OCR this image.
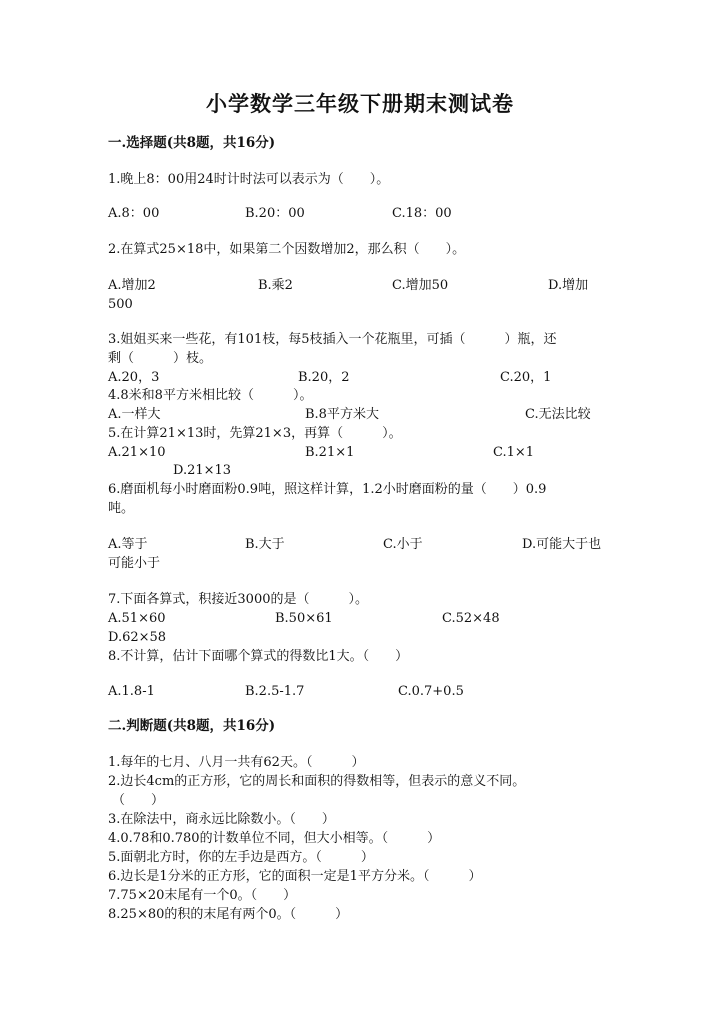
小学数学三年级下册期末测试卷
一.选择题(共8题，共16分)
1.晚上8：00用24时计时法可以表示为（　　）。
A.8：00	B.20：00	C.18：00
2.在算式25×18中，如果第二个因数增加2，那么积（　　）。
A.增加2	B.乘2	C.增加50	D.增加
500
3.姐姐买来一些花，有101枝，每5枝插入一个花瓶里，可插（　　　）瓶，还
剩（　　　）枝。
A.20，3	B.20，2	C.20，1
4.8米和8平方米相比较（　　　）。
A.一样大	B.8平方米大	C.无法比较
5.在计算21×13时，先算21×3，再算（　　　）。
A.21×10	B.21×1	C.1×1
D.21×13
6.磨面机每小时磨面粉0.9吨，照这样计算，1.2小时磨面粉的量（　　）0.9
吨。
A.等于	B.大于	C.小于	D.可能大于也
可能小于
7.下面各算式，积接近3000的是（　　　）。
A.51×60	B.50×61	C.52×48
D.62×58
8.不计算，估计下面哪个算式的得数比1大。（　　）
A.1.8-1	B.2.5-1.7	C.0.7+0.5
二.判断题(共8题，共16分)
1.每年的七月、八月一共有62天。（　　　）
2.边长4cm的正方形，它的周长和面积的得数相等，但表示的意义不同。
（　　）
3.在除法中，商永远比除数小。（　　）
4.0.78和0.780的计数单位不同，但大小相等。（　　　）
5.面朝北方时，你的左手边是西方。（　　　）
6.边长是1分米的正方形，它的面积一定是1平方分米。（　　　）
7.75×20末尾有一个0。（　　）
8.25×80的积的末尾有两个0。（　　　）
